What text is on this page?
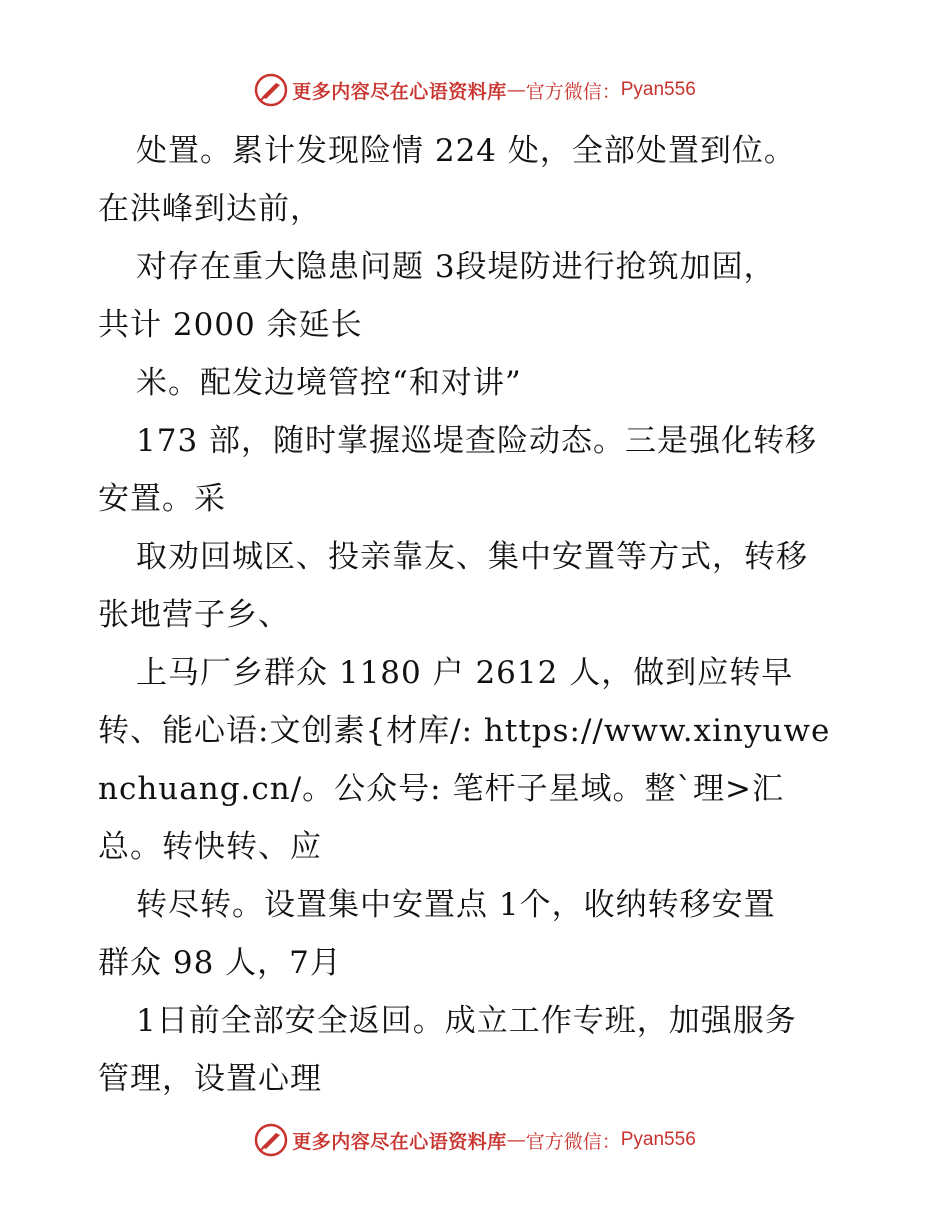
更多内容尽在心语资料库 — 官方微信： Pyan556
处置。累计发现险情 224 处，全部处置到位。
在洪峰到达前，
对存在重大隐患问题 3段堤防进行抢筑加固，
共计 2000 余延长
米。配发边境管控“和对讲”
173 部，随时掌握巡堤查险动态。三是强化转移
安置。采
取劝回城区、投亲靠友、集中安置等方式，转移
张地营子乡、
上马厂乡群众 1180 户 2612 人，做到应转早
转、能心语:文创素{材库/: https://www.xinyuwe
nchuang.cn/。公众号: 笔杆子星域。整`理>汇
总。转快转、应
转尽转。设置集中安置点 1个，收纳转移安置
群众 98 人，7月
1日前全部安全返回。成立工作专班，加强服务
管理，设置心理
更多内容尽在心语资料库 — 官方微信： Pyan556
